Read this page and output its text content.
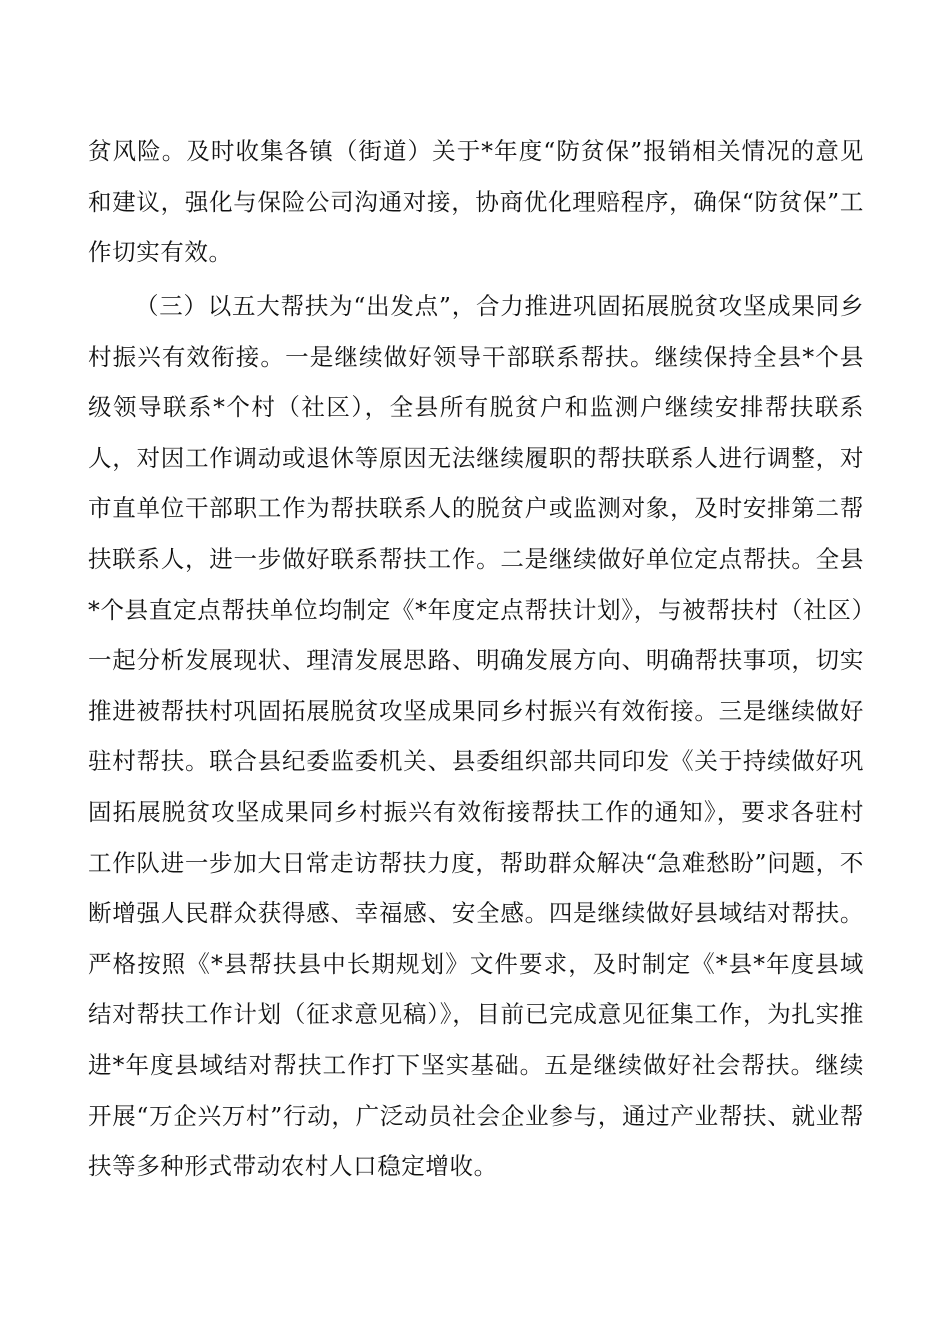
贫风险。及时收集各镇（街道）关于*年度“防贫保”报销相关情况的意见和建议，强化与保险公司沟通对接，协商优化理赔程序，确保“防贫保”工作切实有效。

（三）以五大帮扶为“出发点”，合力推进巩固拓展脱贫攻坚成果同乡村振兴有效衔接。一是继续做好领导干部联系帮扶。继续保持全县*个县级领导联系*个村（社区），全县所有脱贫户和监测户继续安排帮扶联系人，对因工作调动或退休等原因无法继续履职的帮扶联系人进行调整，对市直单位干部职工作为帮扶联系人的脱贫户或监测对象，及时安排第二帮扶联系人，进一步做好联系帮扶工作。二是继续做好单位定点帮扶。全县*个县直定点帮扶单位均制定《*年度定点帮扶计划》，与被帮扶村（社区）一起分析发展现状、理清发展思路、明确发展方向、明确帮扶事项，切实推进被帮扶村巩固拓展脱贫攻坚成果同乡村振兴有效衔接。三是继续做好驻村帮扶。联合县纪委监委机关、县委组织部共同印发《关于持续做好巩固拓展脱贫攻坚成果同乡村振兴有效衔接帮扶工作的通知》，要求各驻村工作队进一步加大日常走访帮扶力度，帮助群众解决“急难愁盼”问题，不断增强人民群众获得感、幸福感、安全感。四是继续做好县域结对帮扶。严格按照《*县帮扶县中长期规划》文件要求，及时制定《*县*年度县域结对帮扶工作计划（征求意见稿）》，目前已完成意见征集工作，为扎实推进*年度县域结对帮扶工作打下坚实基础。五是继续做好社会帮扶。继续开展“万企兴万村”行动，广泛动员社会企业参与，通过产业帮扶、就业帮扶等多种形式带动农村人口稳定增收。
